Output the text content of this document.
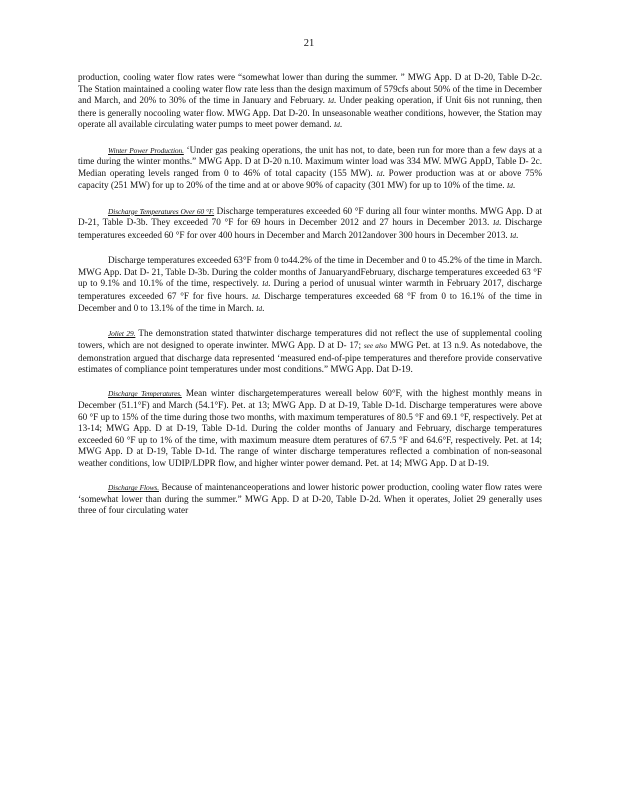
21

production, cooling water flow rates were “somewhat lower than during the summer. ” MWG App. D at D-20, Table D-2c. The Station maintained a cooling water flow rate less than the design maximum of 579cfs about 50% of the time in December and March, and 20% to 30% of the time in January and February. Id. Under peaking operation, if Unit 6is not running, then there is generally nocooling water flow. MWG App. Dat D-20. In unseasonable weather conditions, however, the Station may operate all available circulating water pumps to meet power demand. Id.

Winter Power Production. ‘Under gas peaking operations, the unit has not, to date, been run for more than a few days at a time during the winter months.” MWG App. D at D-20 n.10. Maximum winter load was 334 MW. MWG AppD, Table D- 2c. Median operating levels ranged from 0 to 46% of total capacity (155 MW). Id. Power production was at or above 75% capacity (251 MW) for up to 20% of the time and at or above 90% of capacity (301 MW) for up to 10% of the time. Id.

Discharge Temperatures Over 60 °F. Discharge temperatures exceeded 60 °F during all four winter months. MWG App. D at D-21, Table D-3b. They exceeded 70 °F for 69 hours in December 2012 and 27 hours in December 2013. Id. Discharge temperatures exceeded 60 °F for over 400 hours in December and March 2012andover 300 hours in December 2013. Id.

Discharge temperatures exceeded 63°F from 0 to44.2% of the time in December and 0 to 45.2% of the time in March. MWG App. Dat D- 21, Table D-3b. During the colder months of JanuaryandFebruary, discharge temperatures exceeded 63 °F up to 9.1% and 10.1% of the time, respectively. Id. During a period of unusual winter warmth in February 2017, discharge temperatures exceeded 67 °F for five hours. Id. Discharge temperatures exceeded 68 °F from 0 to 16.1% of the time in December and 0 to 13.1% of the time in March. Id.

Joliet 29. The demonstration stated thatwinter discharge temperatures did not reflect the use of supplemental cooling towers, which are not designed to operate inwinter. MWG App. D at D- 17; see also MWG Pet. at 13 n.9. As notedabove, the demonstration argued that discharge data represented ‘measured end-of-pipe temperatures and therefore provide conservative estimates of compliance point temperatures under most conditions.” MWG App. Dat D-19.

Discharge Temperatures. Mean winter dischargetemperatures wereall below 60°F, with the highest monthly means in December (51.1°F) and March (54.1°F). Pet. at 13; MWG App. D at D-19, Table D-1d. Discharge temperatures were above 60 °F up to 15% of the time during those two months, with maximum temperatures of 80.5 °F and 69.1 °F, respectively. Pet at 13-14; MWG App. D at D-19, Table D-1d. During the colder months of January and February, discharge temperatures exceeded 60 °F up to 1% of the time, with maximum measure dtem peratures of 67.5 °F and 64.6°F, respectively. Pet. at 14; MWG App. D at D-19, Table D-1d. The range of winter discharge temperatures reflected a combination of non-seasonal weather conditions, low UDIP/LDPR flow, and higher winter power demand. Pet. at 14; MWG App. D at D-19.

Discharge Flows. Because of maintenanceoperations and lower historic power production, cooling water flow rates were ‘somewhat lower than during the summer.” MWG App. D at D-20, Table D-2d. When it operates, Joliet 29 generally uses three of four circulating water
